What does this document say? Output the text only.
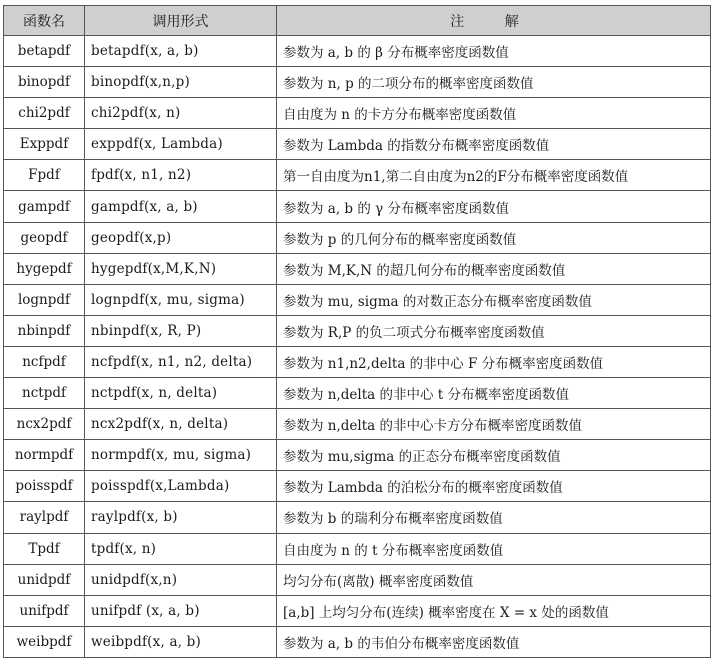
函数名	调用形式	注 解
betapdf	betapdf(x, a, b)	参数为 a, b 的 β 分布概率密度函数值
binopdf	binopdf(x,n,p)	参数为 n, p 的二项分布的概率密度函数值
chi2pdf	chi2pdf(x, n)	自由度为 n 的卡方分布概率密度函数值
Exppdf	exppdf(x, Lambda)	参数为 Lambda 的指数分布概率密度函数值
Fpdf	fpdf(x, n1, n2)	第一自由度为n1,第二自由度为n2的F分布概率密度函数值
gampdf	gampdf(x, a, b)	参数为 a, b 的 γ 分布概率密度函数值
geopdf	geopdf(x,p)	参数为 p 的几何分布的概率密度函数值
hygepdf	hygepdf(x,M,K,N)	参数为 M,K,N 的超几何分布的概率密度函数值
lognpdf	lognpdf(x, mu, sigma)	参数为 mu, sigma 的对数正态分布概率密度函数值
nbinpdf	nbinpdf(x, R, P)	参数为 R,P 的负二项式分布概率密度函数值
ncfpdf	ncfpdf(x, n1, n2, delta)	参数为 n1,n2,delta 的非中心 F 分布概率密度函数值
nctpdf	nctpdf(x, n, delta)	参数为 n,delta 的非中心 t 分布概率密度函数值
ncx2pdf	ncx2pdf(x, n, delta)	参数为 n,delta 的非中心卡方分布概率密度函数值
normpdf	normpdf(x, mu, sigma)	参数为 mu,sigma 的正态分布概率密度函数值
poisspdf	poisspdf(x,Lambda)	参数为 Lambda 的泊松分布的概率密度函数值
raylpdf	raylpdf(x, b)	参数为 b 的瑞利分布概率密度函数值
Tpdf	tpdf(x, n)	自由度为 n 的 t 分布概率密度函数值
unidpdf	unidpdf(x,n)	均匀分布(离散) 概率密度函数值
unifpdf	unifpdf (x, a, b)	[a,b] 上均匀分布(连续) 概率密度在 X = x 处的函数值
weibpdf	weibpdf(x, a, b)	参数为 a, b 的韦伯分布概率密度函数值
